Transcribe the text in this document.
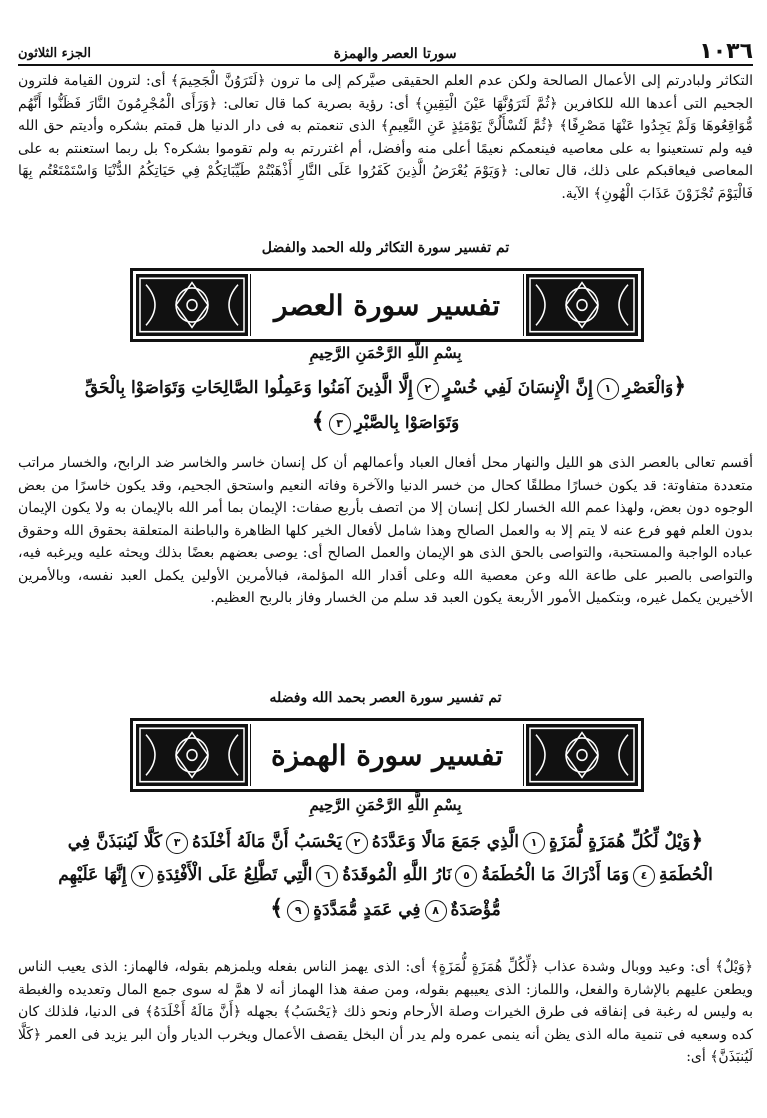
١٠٣٦
سورتا العصر والهمزة
الجزء الثلاثون

التكاثر ولبادرتم إلى الأعمال الصالحة ولكن عدم العلم الحقيقى صيَّركم إلى ما ترون ﴿لَتَرَوُنَّ الْجَحِيمَ﴾ أى: لترون القيامة فلترون الجحيم التى أعدها الله للكافرين ﴿ثُمَّ لَتَرَوُنَّهَا عَيْنَ الْيَقِينِ﴾ أى: رؤية بصرية كما قال تعالى: ﴿وَرَأَى الْمُجْرِمُونَ النَّارَ فَظَنُّوا أَنَّهُم مُّوَاقِعُوهَا وَلَمْ يَجِدُوا عَنْهَا مَصْرِفًا﴾ ﴿ثُمَّ لَتُسْأَلُنَّ يَوْمَئِذٍ عَنِ النَّعِيمِ﴾ الذى تنعمتم به فى دار الدنيا هل قمتم بشكره وأديتم حق الله فيه ولم تستعينوا به على معاصيه فينعمكم نعيمًا أعلى منه وأفضل، أم اغتررتم به ولم تقوموا بشكره؟ بل ربما استعنتم به على المعاصى فيعاقبكم على ذلك، قال تعالى: ﴿وَيَوْمَ يُعْرَضُ الَّذِينَ كَفَرُوا عَلَى النَّارِ أَذْهَبْتُمْ طَيِّبَاتِكُمْ فِي حَيَاتِكُمُ الدُّنْيَا وَاسْتَمْتَعْتُم بِهَا فَالْيَوْمَ تُجْزَوْنَ عَذَابَ الْهُونِ﴾ الآية.

تم تفسير سورة التكاثر ولله الحمد والفضل

تفسير سورة العصر

بِسْمِ اللَّهِ الرَّحْمَنِ الرَّحِيمِ

﴿وَالْعَصْرِ١إِنَّ الْإِنسَانَ لَفِي خُسْرٍ٢إِلَّا الَّذِينَ آمَنُوا وَعَمِلُوا الصَّالِحَاتِ وَتَوَاصَوْا بِالْحَقِّ وَتَوَاصَوْا بِالصَّبْرِ٣﴾

أقسم تعالى بالعصر الذى هو الليل والنهار محل أفعال العباد وأعمالهم أن كل إنسان خاسر والخاسر ضد الرابح، والخسار مراتب متعددة متفاوتة: قد يكون خسارًا مطلقًا كحال من خسر الدنيا والآخرة وفاته النعيم واستحق الجحيم، وقد يكون خاسرًا من بعض الوجوه دون بعض، ولهذا عمم الله الخسار لكل إنسان إلا من اتصف بأربع صفات: الإيمان بما أمر الله بالإيمان به ولا يكون الإيمان بدون العلم فهو فرع عنه لا يتم إلا به والعمل الصالح وهذا شامل لأفعال الخير كلها الظاهرة والباطنة المتعلقة بحقوق الله وحقوق عباده الواجبة والمستحبة، والتواصى بالحق الذى هو الإيمان والعمل الصالح أى: يوصى بعضهم بعضًا بذلك ويحثه عليه ويرغبه فيه، والتواصى بالصبر على طاعة الله وعن معصية الله وعلى أقدار الله المؤلمة، فبالأمرين الأولين يكمل العبد نفسه، وبالأمرين الأخيرين يكمل غيره، وبتكميل الأمور الأربعة يكون العبد قد سلم من الخسار وفاز بالربح العظيم.

تم تفسير سورة العصر بحمد الله وفضله

تفسير سورة الهمزة

بِسْمِ اللَّهِ الرَّحْمَنِ الرَّحِيمِ

﴿وَيْلٌ لِّكُلِّ هُمَزَةٍ لُّمَزَةٍ١الَّذِي جَمَعَ مَالًا وَعَدَّدَهُ٢يَحْسَبُ أَنَّ مَالَهُ أَخْلَدَهُ٣كَلَّا لَيُنبَذَنَّ فِي الْحُطَمَةِ٤وَمَا أَدْرَاكَ مَا الْحُطَمَةُ٥نَارُ اللَّهِ الْمُوقَدَةُ٦الَّتِي تَطَّلِعُ عَلَى الْأَفْئِدَةِ٧إِنَّهَا عَلَيْهِم مُّؤْصَدَةٌ٨فِي عَمَدٍ مُّمَدَّدَةٍ٩﴾

﴿وَيْلٌ﴾ أى: وعيد ووبال وشدة عذاب ﴿لِّكُلِّ هُمَزَةٍ لُّمَزَةٍ﴾ أى: الذى يهمز الناس بفعله ويلمزهم بقوله، فالهماز: الذى يعيب الناس ويطعن عليهم بالإشارة والفعل، واللماز: الذى يعيبهم بقوله، ومن صفة هذا الهماز أنه لا همَّ له سوى جمع المال وتعديده والغبطة به وليس له رغبة فى إنفاقه فى طرق الخيرات وصلة الأرحام ونحو ذلك ﴿يَحْسَبُ﴾ بجهله ﴿أَنَّ مَالَهُ أَخْلَدَهُ﴾ فى الدنيا، فلذلك كان كده وسعيه فى تنمية ماله الذى يظن أنه ينمى عمره ولم يدر أن البخل يقصف الأعمال ويخرب الديار وأن البر يزيد فى العمر ﴿كَلَّا لَيُنبَذَنَّ﴾ أى:
